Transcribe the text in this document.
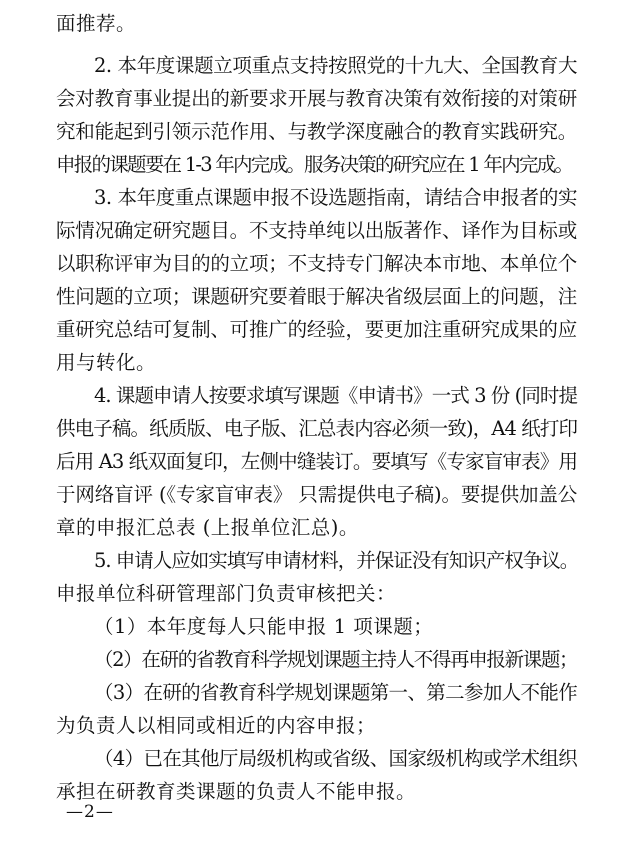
面推荐。
2. 本年度课题立项重点支持按照党的十九大、全国教育大
会对教育事业提出的新要求开展与教育决策有效衔接的对策研
究和能起到引领示范作用、与教学深度融合的教育实践研究。
申报的课题要在 1-3 年内完成。服务决策的研究应在 1 年内完成。
3. 本年度重点课题申报不设选题指南，请结合申报者的实
际情况确定研究题目。不支持单纯以出版著作、译作为目标或
以职称评审为目的的立项；不支持专门解决本市地、本单位个
性问题的立项；课题研究要着眼于解决省级层面上的问题，注
重研究总结可复制、可推广的经验，要更加注重研究成果的应
用与转化。
4. 课题申请人按要求填写课题《申请书》一式 3 份 (同时提
供电子稿。纸质版、电子版、汇总表内容必须一致)，A4 纸打印
后用 A3 纸双面复印，左侧中缝装订。要填写《专家盲审表》用
于网络盲评 (《专家盲审表》 只需提供电子稿)。要提供加盖公
章的申报汇总表 (上报单位汇总)。
5. 申请人应如实填写申请材料，并保证没有知识产权争议。
申报单位科研管理部门负责审核把关：
（1）本年度每人只能申报 1 项课题；
（2）在研的省教育科学规划课题主持人不得再申报新课题；
（3）在研的省教育科学规划课题第一、第二参加人不能作
为负责人以相同或相近的内容申报；
（4）已在其他厅局级机构或省级、国家级机构或学术组织
承担在研教育类课题的负责人不能申报。
—2—
